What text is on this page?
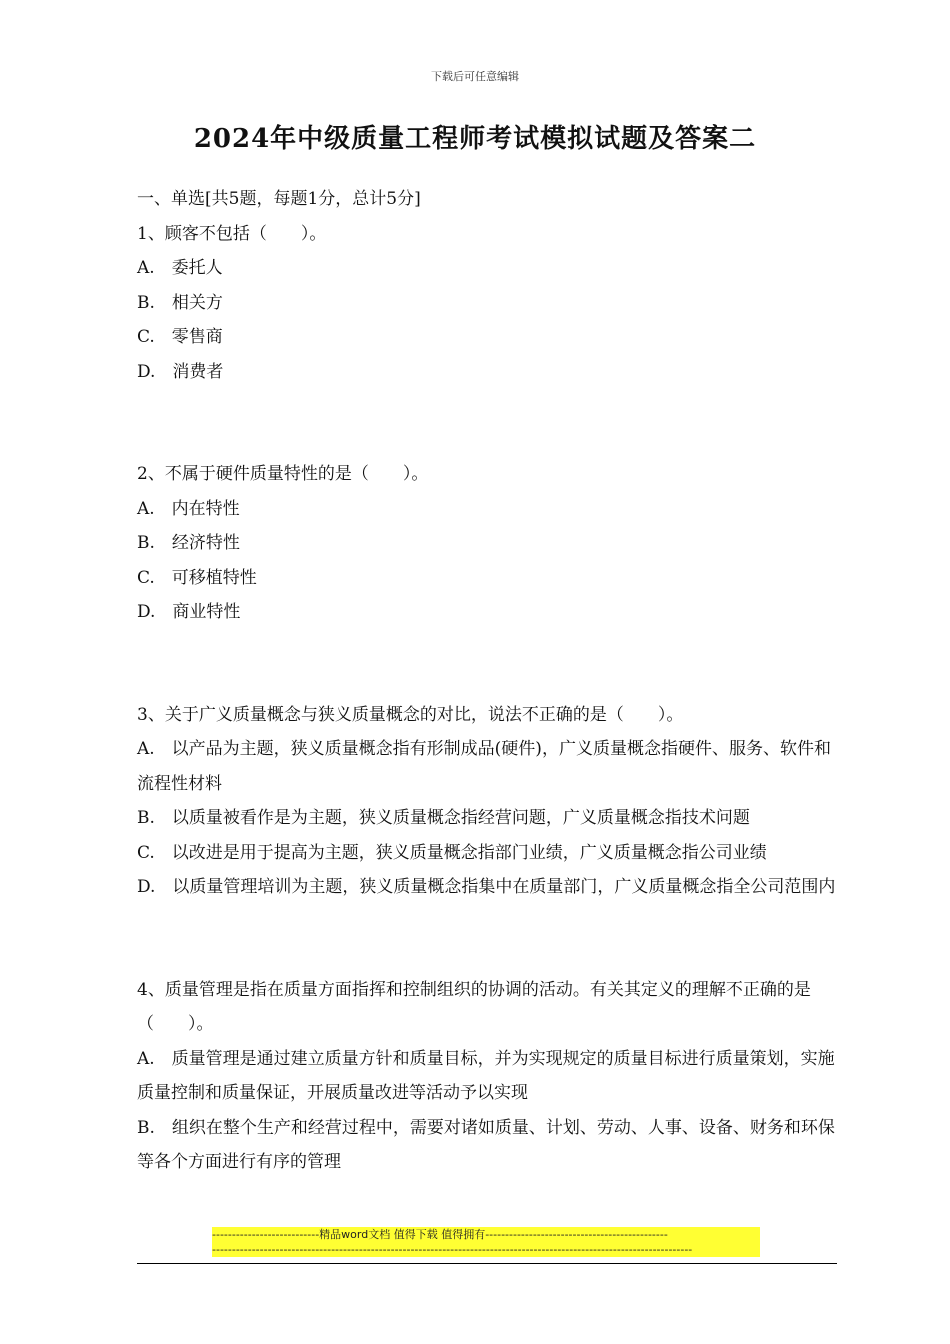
下载后可任意编辑
2024年中级质量工程师考试模拟试题及答案二
一、单选[共5题，每题1分，总计5分]
1、顾客不包括（　　）。
A.　委托人
B.　相关方
C.　零售商
D.　消费者
2、不属于硬件质量特性的是（　　）。
A.　内在特性
B.　经济特性
C.　可移植特性
D.　商业特性
3、关于广义质量概念与狭义质量概念的对比，说法不正确的是（　　）。
A.　以产品为主题，狭义质量概念指有形制成品(硬件)，广义质量概念指硬件、服务、软件和流程性材料
B.　以质量被看作是为主题，狭义质量概念指经营问题，广义质量概念指技术问题
C.　以改进是用于提高为主题，狭义质量概念指部门业绩，广义质量概念指公司业绩
D.　以质量管理培训为主题，狭义质量概念指集中在质量部门，广义质量概念指全公司范围内
4、质量管理是指在质量方面指挥和控制组织的协调的活动。有关其定义的理解不正确的是（　　）。
A.　质量管理是通过建立质量方针和质量目标，并为实现规定的质量目标进行质量策划，实施质量控制和质量保证，开展质量改进等活动予以实现
B.　组织在整个生产和经营过程中，需要对诸如质量、计划、劳动、人事、设备、财务和环保等各个方面进行有序的管理
---------------------------精品word文档 值得下载 值得拥有----------------------------------------------
-------------------------------------------------------------------------------------------------------------------------
